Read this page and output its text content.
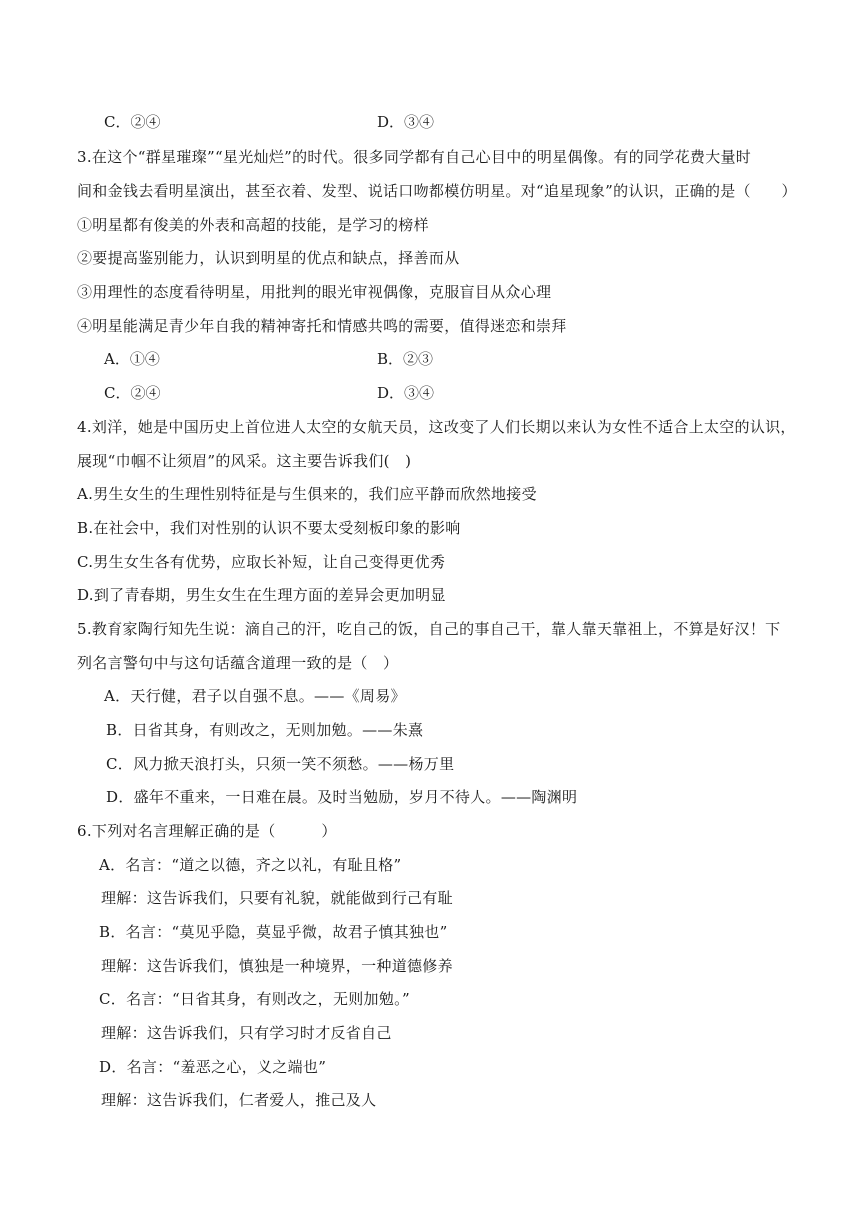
C．②④	D．③④
3.在这个“群星璀璨”“星光灿烂”的时代。很多同学都有自己心目中的明星偶像。有的同学花费大量时
间和金钱去看明星演出，甚至衣着、发型、说话口吻都模仿明星。对“追星现象”的认识，正确的是（　　）
①明星都有俊美的外表和高超的技能，是学习的榜样
②要提高鉴别能力，认识到明星的优点和缺点，择善而从
③用理性的态度看待明星，用批判的眼光审视偶像，克服盲目从众心理
④明星能满足青少年自我的精神寄托和情感共鸣的需要，值得迷恋和崇拜
A．①④	B．②③
C．②④	D．③④
4.刘洋，她是中国历史上首位进人太空的女航天员，这改变了人们长期以来认为女性不适合上太空的认识，
展现“巾帼不让须眉”的风采。这主要告诉我们(　)
A.男生女生的生理性别特征是与生俱来的，我们应平静而欣然地接受
B.在社会中，我们对性别的认识不要太受刻板印象的影响
C.男生女生各有优势，应取长补短，让自己变得更优秀
D.到了青春期，男生女生在生理方面的差异会更加明显
5.教育家陶行知先生说：滴自己的汗，吃自己的饭，自己的事自己干，靠人靠天靠祖上，不算是好汉！下
列名言警句中与这句话蕴含道理一致的是（　）
A．天行健，君子以自强不息。——《周易》
B．日省其身，有则改之，无则加勉。——朱熹
C．风力掀天浪打头，只须一笑不须愁。——杨万里
D．盛年不重来，一日难在晨。及时当勉励，岁月不待人。——陶渊明
6.下列对名言理解正确的是（　　　）
A．名言：“道之以德，齐之以礼，有耻且格”
理解：这告诉我们，只要有礼貌，就能做到行己有耻
B．名言：“莫见乎隐，莫显乎微，故君子慎其独也”
理解：这告诉我们，慎独是一种境界，一种道德修养
C．名言：“日省其身，有则改之，无则加勉。”
理解：这告诉我们，只有学习时才反省自己
D．名言：“羞恶之心，义之端也”
理解：这告诉我们，仁者爱人，推己及人
